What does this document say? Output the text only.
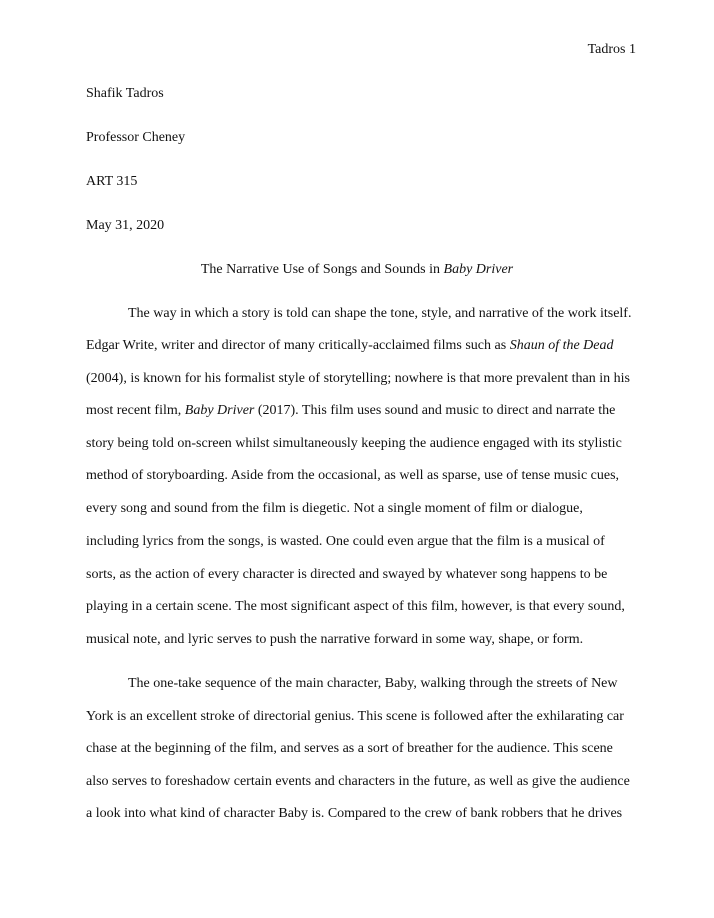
Tadros 1
Shafik Tadros
Professor Cheney
ART 315
May 31, 2020
The Narrative Use of Songs and Sounds in Baby Driver
The way in which a story is told can shape the tone, style, and narrative of the work itself.
Edgar Write, writer and director of many critically-acclaimed films such as Shaun of the Dead
(2004), is known for his formalist style of storytelling; nowhere is that more prevalent than in his
most recent film, Baby Driver (2017). This film uses sound and music to direct and narrate the
story being told on-screen whilst simultaneously keeping the audience engaged with its stylistic
method of storyboarding. Aside from the occasional, as well as sparse, use of tense music cues,
every song and sound from the film is diegetic. Not a single moment of film or dialogue,
including lyrics from the songs, is wasted. One could even argue that the film is a musical of
sorts, as the action of every character is directed and swayed by whatever song happens to be
playing in a certain scene. The most significant aspect of this film, however, is that every sound,
musical note, and lyric serves to push the narrative forward in some way, shape, or form.
The one-take sequence of the main character, Baby, walking through the streets of New
York is an excellent stroke of directorial genius. This scene is followed after the exhilarating car
chase at the beginning of the film, and serves as a sort of breather for the audience. This scene
also serves to foreshadow certain events and characters in the future, as well as give the audience
a look into what kind of character Baby is. Compared to the crew of bank robbers that he drives
